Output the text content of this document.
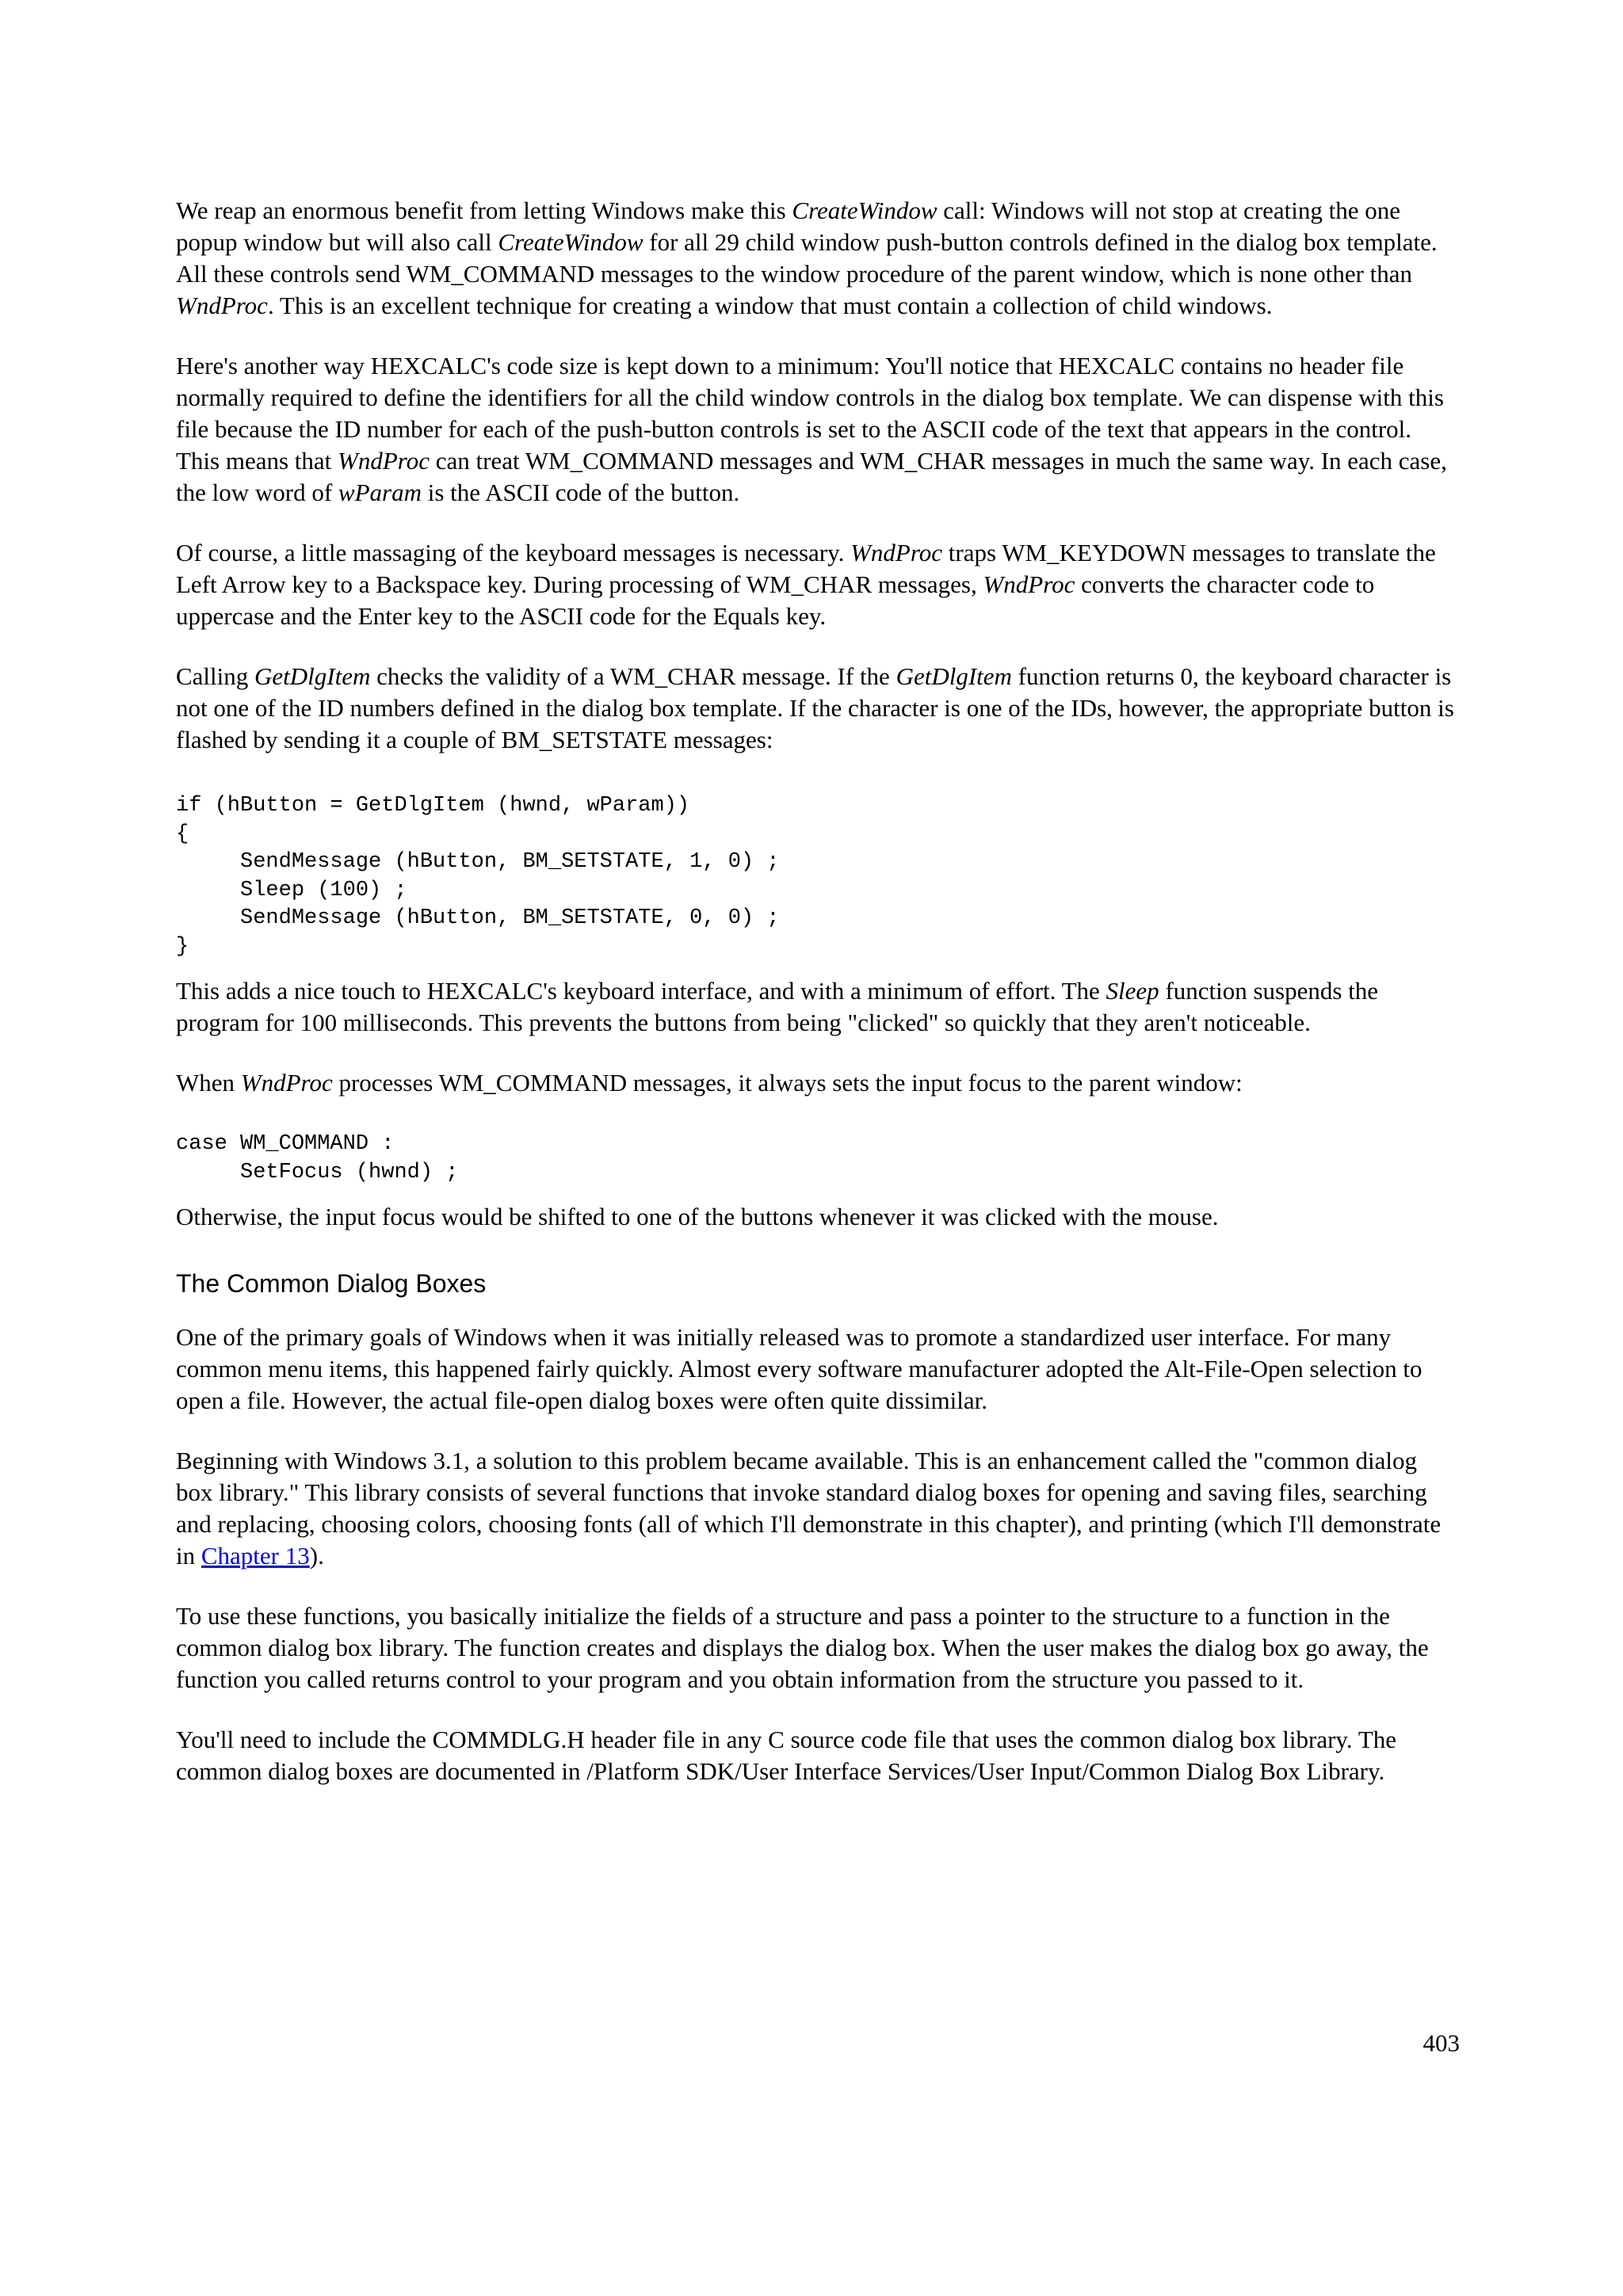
We reap an enormous benefit from letting Windows make this CreateWindow call: Windows will not stop at creating the one popup window but will also call CreateWindow for all 29 child window push-button controls defined in the dialog box template. All these controls send WM_COMMAND messages to the window procedure of the parent window, which is none other than WndProc. This is an excellent technique for creating a window that must contain a collection of child windows.

Here's another way HEXCALC's code size is kept down to a minimum: You'll notice that HEXCALC contains no header file normally required to define the identifiers for all the child window controls in the dialog box template. We can dispense with this file because the ID number for each of the push-button controls is set to the ASCII code of the text that appears in the control. This means that WndProc can treat WM_COMMAND messages and WM_CHAR messages in much the same way. In each case, the low word of wParam is the ASCII code of the button.

Of course, a little massaging of the keyboard messages is necessary. WndProc traps WM_KEYDOWN messages to translate the Left Arrow key to a Backspace key. During processing of WM_CHAR messages, WndProc converts the character code to uppercase and the Enter key to the ASCII code for the Equals key.

Calling GetDlgItem checks the validity of a WM_CHAR message. If the GetDlgItem function returns 0, the keyboard character is not one of the ID numbers defined in the dialog box template. If the character is one of the IDs, however, the appropriate button is flashed by sending it a couple of BM_SETSTATE messages:

if (hButton = GetDlgItem (hwnd, wParam))
{
SendMessage (hButton, BM_SETSTATE, 1, 0) ;
Sleep (100) ;
SendMessage (hButton, BM_SETSTATE, 0, 0) ;
}

This adds a nice touch to HEXCALC's keyboard interface, and with a minimum of effort. The Sleep function suspends the program for 100 milliseconds. This prevents the buttons from being "clicked" so quickly that they aren't noticeable.

When WndProc processes WM_COMMAND messages, it always sets the input focus to the parent window:

case WM_COMMAND :
SetFocus (hwnd) ;

Otherwise, the input focus would be shifted to one of the buttons whenever it was clicked with the mouse.

The Common Dialog Boxes

One of the primary goals of Windows when it was initially released was to promote a standardized user interface. For many common menu items, this happened fairly quickly. Almost every software manufacturer adopted the Alt-File-Open selection to open a file. However, the actual file-open dialog boxes were often quite dissimilar.

Beginning with Windows 3.1, a solution to this problem became available. This is an enhancement called the "common dialog box library." This library consists of several functions that invoke standard dialog boxes for opening and saving files, searching and replacing, choosing colors, choosing fonts (all of which I'll demonstrate in this chapter), and printing (which I'll demonstrate in Chapter 13).

To use these functions, you basically initialize the fields of a structure and pass a pointer to the structure to a function in the common dialog box library. The function creates and displays the dialog box. When the user makes the dialog box go away, the function you called returns control to your program and you obtain information from the structure you passed to it.

You'll need to include the COMMDLG.H header file in any C source code file that uses the common dialog box library. The common dialog boxes are documented in /Platform SDK/User Interface Services/User Input/Common Dialog Box Library.

403
